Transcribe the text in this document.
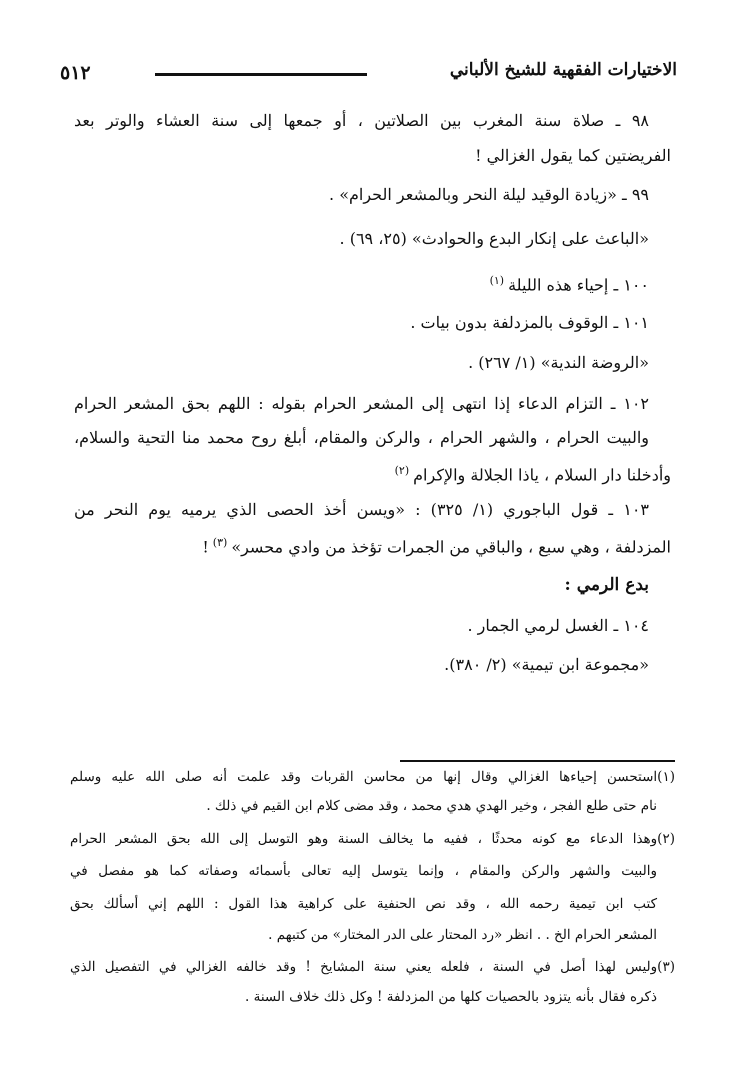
الاختيارات الفقهية للشيخ الألباني
٥١٢
٩٨ ـ صلاة سنة المغرب بين الصلاتين ، أو جمعها إلى سنة العشاء والوتر بعد
الفريضتين كما يقول الغزالي !
٩٩ ـ «زيادة الوقيد ليلة النحر وبالمشعر الحرام» .
«الباعث على إنكار البدع والحوادث» (٢٥، ٦٩) .
١٠٠ ـ إحياء هذه الليلة$^{(١)}$
١٠١ ـ الوقوف بالمزدلفة بدون بيات .
«الروضة الندية» (١/ ٢٦٧) .
١٠٢ ـ التزام الدعاء إذا انتهى إلى المشعر الحرام بقوله : اللهم بحق المشعر الحرام
والبيت الحرام ، والشهر الحرام ، والركن والمقام، أبلغ روح محمد منا التحية والسلام،
وأدخلنا دار السلام ، ياذا الجلالة والإكرام$^{(٢)}$
١٠٣ ـ قول الباجوري (١/ ٣٢٥) : «ويسن أخذ الحصى الذي يرميه يوم النحر من
المزدلفة ، وهي سبع ، والباقي من الجمرات تؤخذ من وادي محسر»$^{(٣)}$!
بدع الرمي :
١٠٤ ـ الغسل لرمي الجمار .
«مجموعة ابن تيمية» (٢/ ٣٨٠).
(١)استحسن إحياءها الغزالي وقال إنها من محاسن القربات وقد علمت أنه صلى الله عليه وسلم
نام حتى طلع الفجر ، وخير الهدي هدي محمد ، وقد مضى كلام ابن القيم في ذلك .
(٢)وهذا الدعاء مع كونه محدثًا ، ففيه ما يخالف السنة وهو التوسل إلى الله بحق المشعر الحرام
والبيت والشهر والركن والمقام ، وإنما يتوسل إليه تعالى بأسمائه وصفاته كما هو مفصل في
كتب ابن تيمية رحمه الله ، وقد نص الحنفية على كراهية هذا القول : اللهم إني أسألك بحق
المشعر الحرام الخ . . انظر «رد المحتار على الدر المختار» من كتبهم .
(٣)وليس لهذا أصل في السنة ، فلعله يعني سنة المشايخ ! وقد خالفه الغزالي في التفصيل الذي
ذكره فقال بأنه يتزود بالحصيات كلها من المزدلفة ! وكل ذلك خلاف السنة .
